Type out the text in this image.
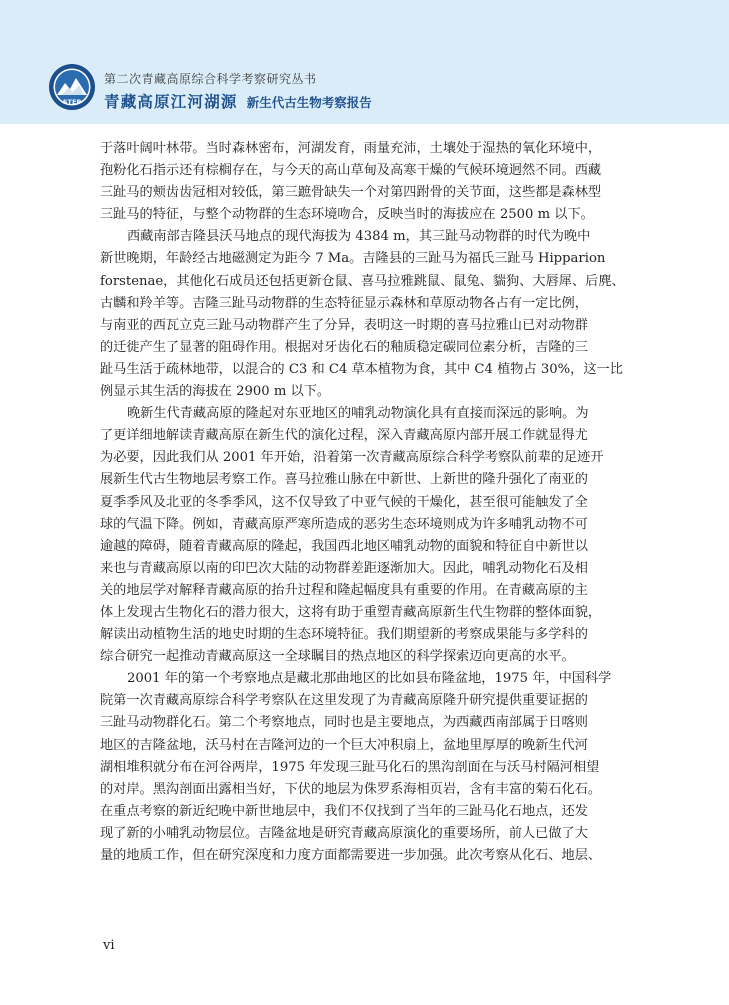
STEP
第二次青藏高原综合科学考察研究丛书
青藏高原江河湖源 新生代古生物考察报告
于落叶阔叶林带。当时森林密布，河湖发育，雨量充沛，土壤处于湿热的氧化环境中，
孢粉化石指示还有棕榈存在，与今天的高山草甸及高寒干燥的气候环境迥然不同。西藏
三趾马的颊齿齿冠相对较低，第三蹠骨缺失一个对第四跗骨的关节面，这些都是森林型
三趾马的特征，与整个动物群的生态环境吻合，反映当时的海拔应在 2500 m 以下。
西藏南部吉隆县沃马地点的现代海拔为 4384 m，其三趾马动物群的时代为晚中
新世晚期，年龄经古地磁测定为距今 7 Ma。吉隆县的三趾马为福氏三趾马 Hipparion
forstenae，其他化石成员还包括更新仓鼠、喜马拉雅跳鼠、鼠兔、貒狗、大唇犀、后麂、
古麟和羚羊等。吉隆三趾马动物群的生态特征显示森林和草原动物各占有一定比例，
与南亚的西瓦立克三趾马动物群产生了分异，表明这一时期的喜马拉雅山已对动物群
的迁徙产生了显著的阻碍作用。根据对牙齿化石的釉质稳定碳同位素分析，吉隆的三
趾马生活于疏林地带，以混合的 C3 和 C4 草本植物为食，其中 C4 植物占 30%，这一比
例显示其生活的海拔在 2900 m 以下。
晚新生代青藏高原的隆起对东亚地区的哺乳动物演化具有直接而深远的影响。为
了更详细地解读青藏高原在新生代的演化过程，深入青藏高原内部开展工作就显得尤
为必要，因此我们从 2001 年开始，沿着第一次青藏高原综合科学考察队前辈的足迹开
展新生代古生物地层考察工作。喜马拉雅山脉在中新世、上新世的隆升强化了南亚的
夏季季风及北亚的冬季季风，这不仅导致了中亚气候的干燥化，甚至很可能触发了全
球的气温下降。例如，青藏高原严寒所造成的恶劣生态环境则成为许多哺乳动物不可
逾越的障碍，随着青藏高原的隆起，我国西北地区哺乳动物的面貌和特征自中新世以
来也与青藏高原以南的印巴次大陆的动物群差距逐渐加大。因此，哺乳动物化石及相
关的地层学对解释青藏高原的抬升过程和隆起幅度具有重要的作用。在青藏高原的主
体上发现古生物化石的潜力很大，这将有助于重塑青藏高原新生代生物群的整体面貌，
解读出动植物生活的地史时期的生态环境特征。我们期望新的考察成果能与多学科的
综合研究一起推动青藏高原这一全球瞩目的热点地区的科学探索迈向更高的水平。
2001 年的第一个考察地点是藏北那曲地区的比如县布隆盆地，1975 年，中国科学
院第一次青藏高原综合科学考察队在这里发现了为青藏高原隆升研究提供重要证据的
三趾马动物群化石。第二个考察地点，同时也是主要地点，为西藏西南部属于日喀则
地区的吉隆盆地，沃马村在吉隆河边的一个巨大冲积扇上，盆地里厚厚的晚新生代河
湖相堆积就分布在河谷两岸，1975 年发现三趾马化石的黑沟剖面在与沃马村隔河相望
的对岸。黑沟剖面出露相当好，下伏的地层为侏罗系海相页岩，含有丰富的菊石化石。
在重点考察的新近纪晚中新世地层中，我们不仅找到了当年的三趾马化石地点，还发
现了新的小哺乳动物层位。吉隆盆地是研究青藏高原演化的重要场所，前人已做了大
量的地质工作，但在研究深度和力度方面都需要进一步加强。此次考察从化石、地层、
vi
